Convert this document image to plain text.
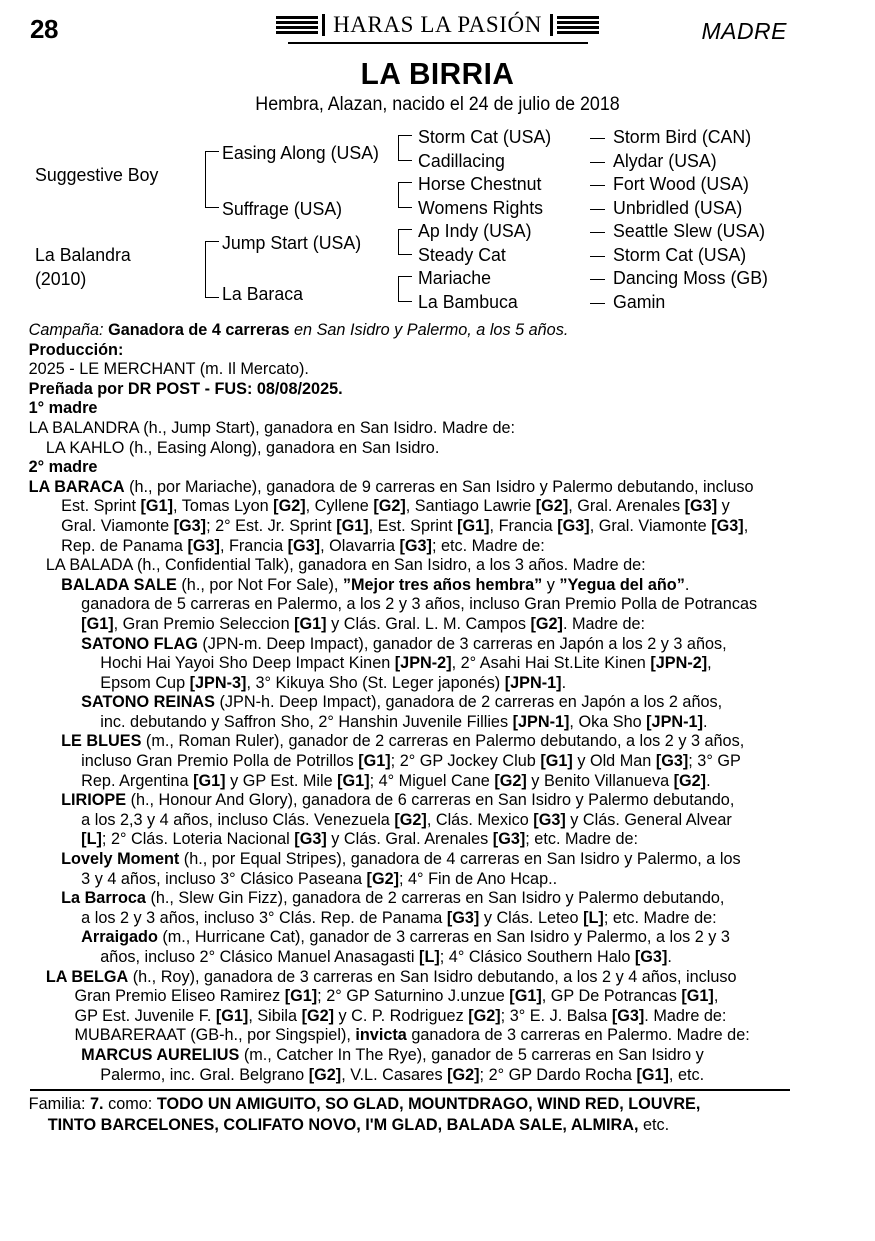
28	HARAS LA PASIÓN	MADRE
LA BIRRIA
Hembra, Alazan, nacido el 24 de julio de 2018
Suggestive Boy
La Balandra
(2010)
Easing Along (USA)
Suffrage (USA)
Jump Start (USA)
La Baraca
Storm Cat (USA)
Cadillacing
Horse Chestnut
Womens Rights
Ap Indy (USA)
Steady Cat
Mariache
La Bambuca
Storm Bird (CAN)
Alydar (USA)
Fort Wood (USA)
Unbridled (USA)
Seattle Slew (USA)
Storm Cat (USA)
Dancing Moss (GB)
Gamin
Campaña: Ganadora de 4 carreras en San Isidro y Palermo, a los 5 años.
Producción:
2025 - LE MERCHANT (m. Il Mercato).
Preñada por DR POST - FUS: 08/08/2025.
1° madre
LA BALANDRA (h., Jump Start), ganadora en San Isidro. Madre de:
LA KAHLO (h., Easing Along), ganadora en San Isidro.
2° madre
LA BARACA (h., por Mariache), ganadora de 9 carreras en San Isidro y Palermo debutando, incluso
Est. Sprint [G1], Tomas Lyon [G2], Cyllene [G2], Santiago Lawrie [G2], Gral. Arenales [G3] y
Gral. Viamonte [G3]; 2° Est. Jr. Sprint [G1], Est. Sprint [G1], Francia [G3], Gral. Viamonte [G3],
Rep. de Panama [G3], Francia [G3], Olavarria [G3]; etc. Madre de:
LA BALADA (h., Confidential Talk), ganadora en San Isidro, a los 3 años. Madre de:
BALADA SALE (h., por Not For Sale), ”Mejor tres años hembra” y ”Yegua del año”.
ganadora de 5 carreras en Palermo, a los 2 y 3 años, incluso Gran Premio Polla de Potrancas
[G1], Gran Premio Seleccion [G1] y Clás. Gral. L. M. Campos [G2]. Madre de:
SATONO FLAG (JPN-m. Deep Impact), ganador de 3 carreras en Japón a los 2 y 3 años,
Hochi Hai Yayoi Sho Deep Impact Kinen [JPN-2], 2° Asahi Hai St.Lite Kinen [JPN-2],
Epsom Cup [JPN-3], 3° Kikuya Sho (St. Leger japonés) [JPN-1].
SATONO REINAS (JPN-h. Deep Impact), ganadora de 2 carreras en Japón a los 2 años,
inc. debutando y Saffron Sho, 2° Hanshin Juvenile Fillies [JPN-1], Oka Sho [JPN-1].
LE BLUES (m., Roman Ruler), ganador de 2 carreras en Palermo debutando, a los 2 y 3 años,
incluso Gran Premio Polla de Potrillos [G1]; 2° GP Jockey Club [G1] y Old Man [G3]; 3° GP
Rep. Argentina [G1] y GP Est. Mile [G1]; 4° Miguel Cane [G2] y Benito Villanueva [G2].
LIRIOPE (h., Honour And Glory), ganadora de 6 carreras en San Isidro y Palermo debutando,
a los 2,3 y 4 años, incluso Clás. Venezuela [G2], Clás. Mexico [G3] y Clás. General Alvear
[L]; 2° Clás. Loteria Nacional [G3] y Clás. Gral. Arenales [G3]; etc. Madre de:
Lovely Moment (h., por Equal Stripes), ganadora de 4 carreras en San Isidro y Palermo, a los
3 y 4 años, incluso 3° Clásico Paseana [G2]; 4° Fin de Ano Hcap..
La Barroca (h., Slew Gin Fizz), ganadora de 2 carreras en San Isidro y Palermo debutando,
a los 2 y 3 años, incluso 3° Clás. Rep. de Panama [G3] y Clás. Leteo [L]; etc. Madre de:
Arraigado (m., Hurricane Cat), ganador de 3 carreras en San Isidro y Palermo, a los 2 y 3
años, incluso 2° Clásico Manuel Anasagasti [L]; 4° Clásico Southern Halo [G3].
LA BELGA (h., Roy), ganadora de 3 carreras en San Isidro debutando, a los 2 y 4 años, incluso
Gran Premio Eliseo Ramirez [G1]; 2° GP Saturnino J.unzue [G1], GP De Potrancas [G1],
GP Est. Juvenile F. [G1], Sibila [G2] y C. P. Rodriguez [G2]; 3° E. J. Balsa [G3]. Madre de:
MUBARERAAT (GB-h., por Singspiel), invicta ganadora de 3 carreras en Palermo. Madre de:
MARCUS AURELIUS (m., Catcher In The Rye), ganador de 5 carreras en San Isidro y
Palermo, inc. Gral. Belgrano [G2], V.L. Casares [G2]; 2° GP Dardo Rocha [G1], etc.
Familia: 7. como: TODO UN AMIGUITO, SO GLAD, MOUNTDRAGO, WIND RED, LOUVRE,
TINTO BARCELONES, COLIFATO NOVO, I'M GLAD, BALADA SALE, ALMIRA, etc.
